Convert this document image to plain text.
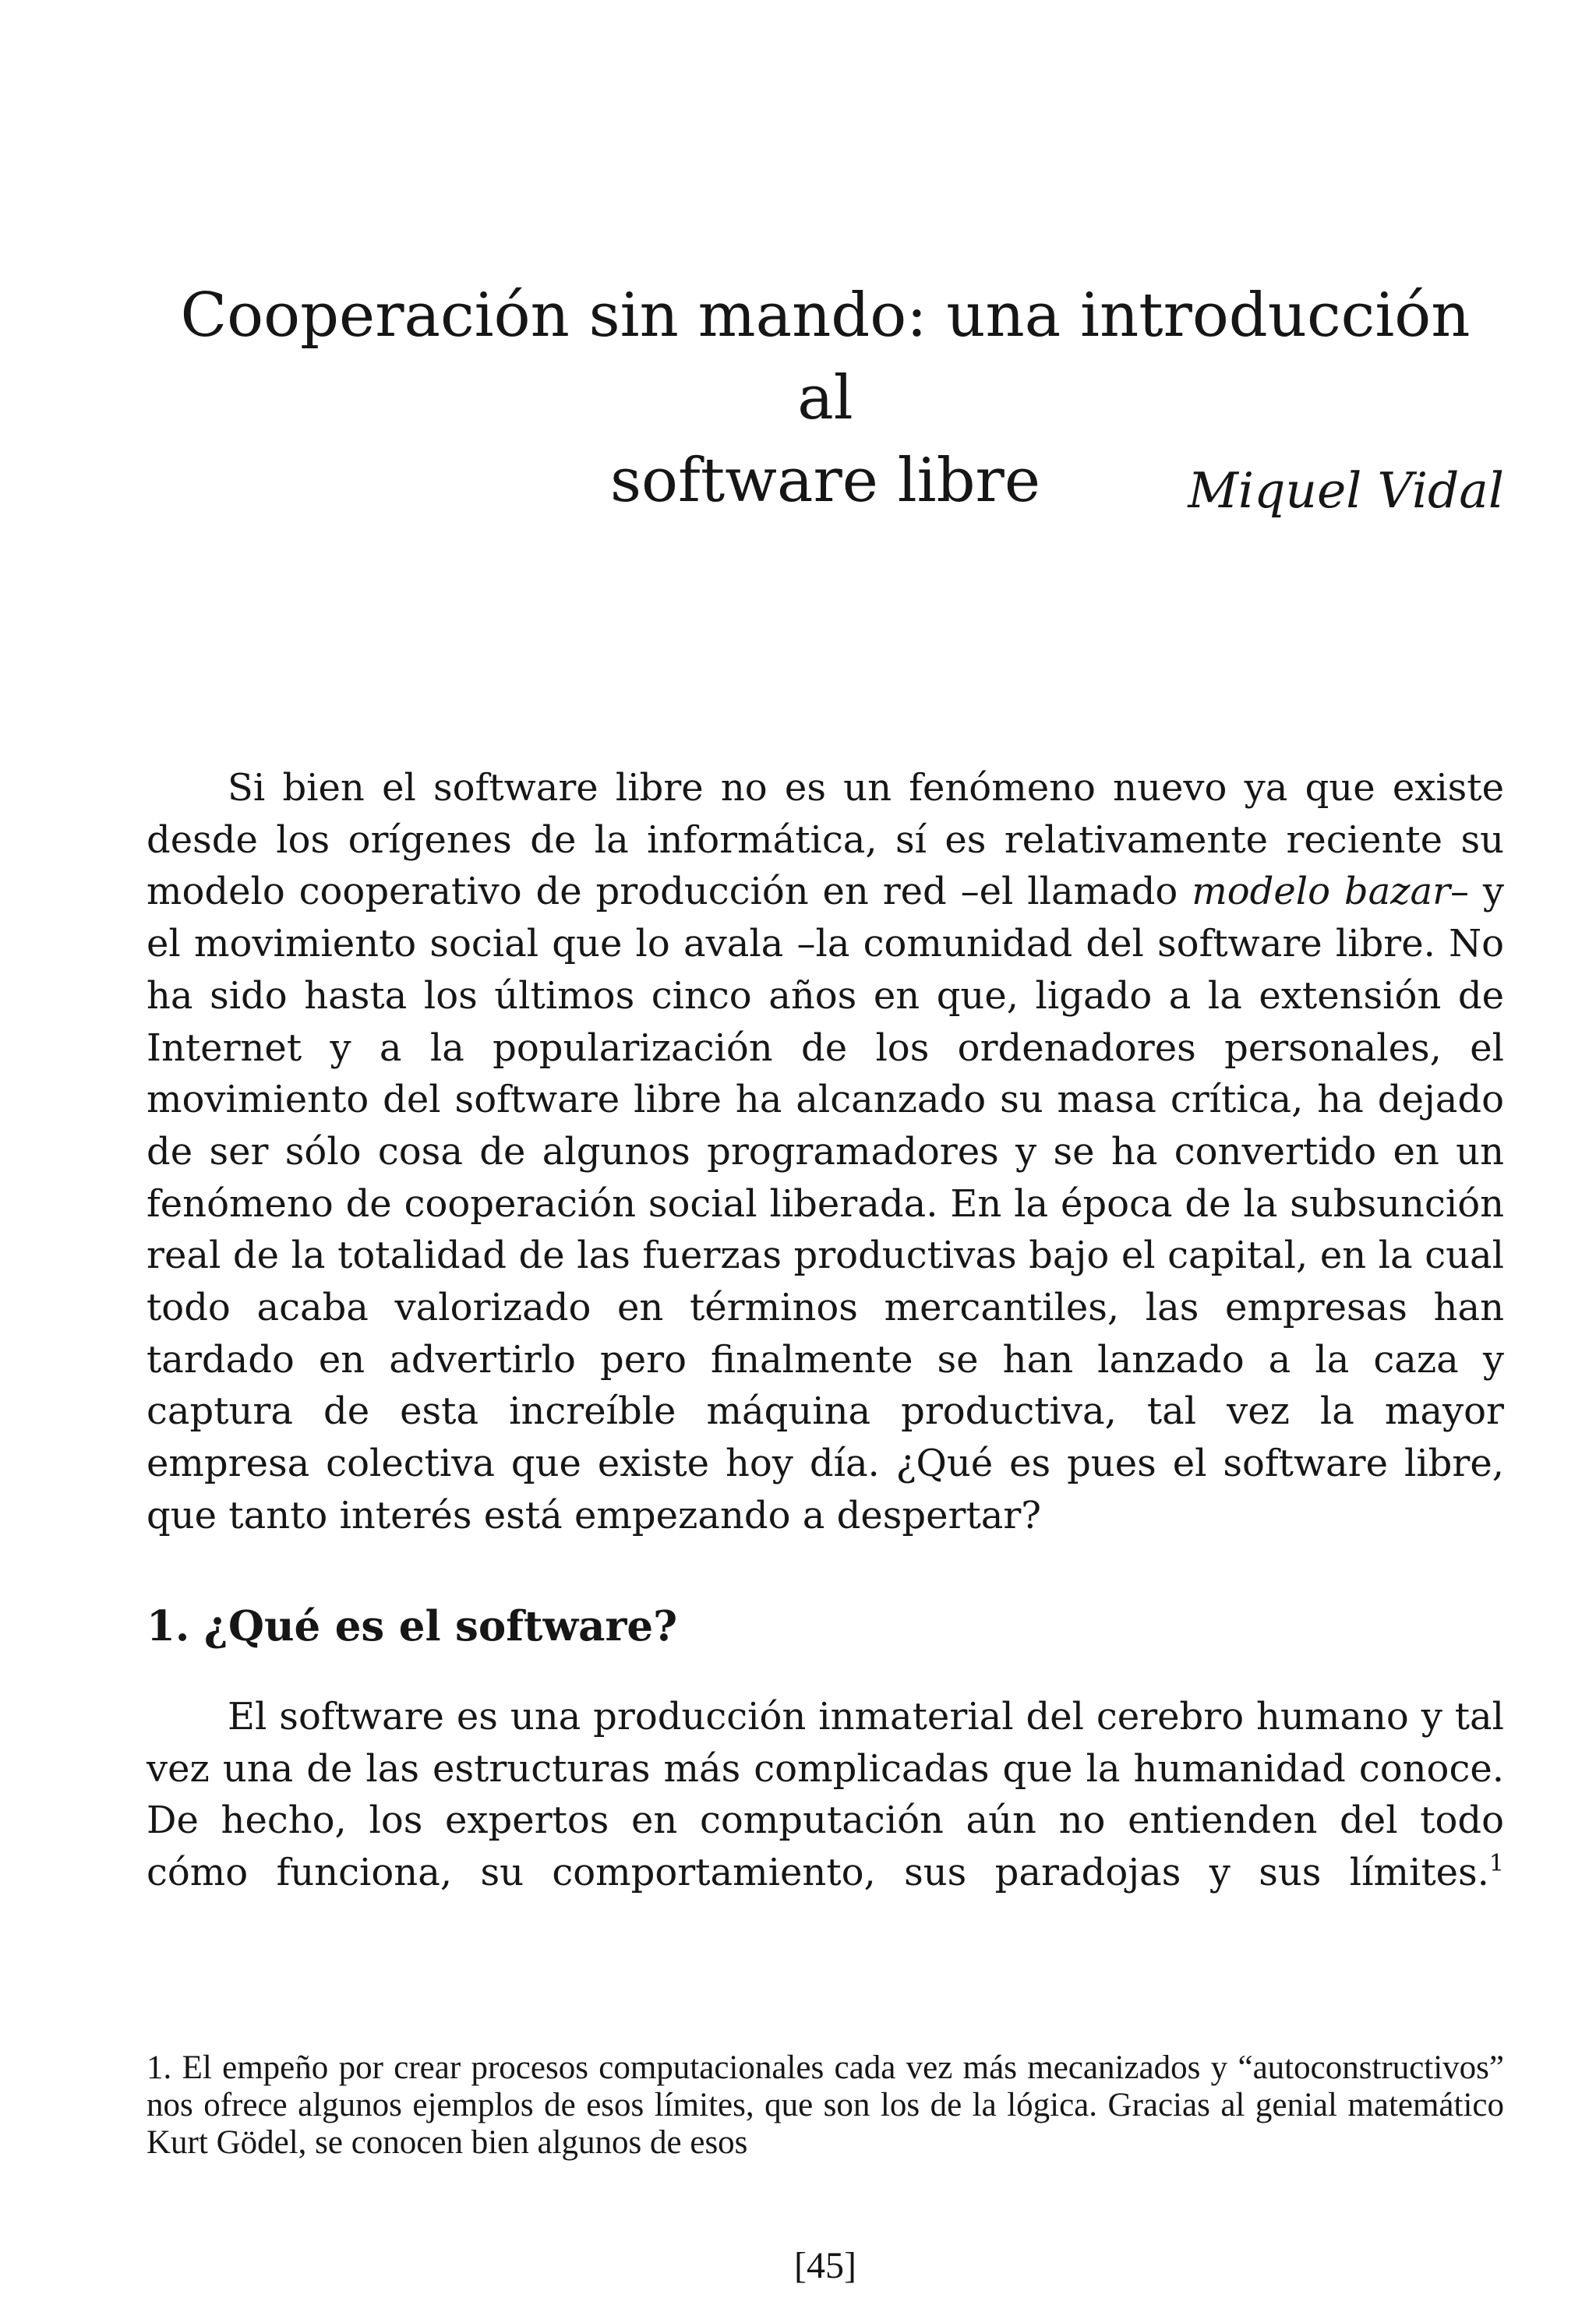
Cooperación sin mando: una introducción al
software libre	Miquel Vidal

Si bien el software libre no es un fenómeno nuevo ya que existe desde los orígenes de la informática, sí es relativamente reciente su modelo cooperativo de producción en red –el llamado modelo bazar– y el movimiento social que lo avala –la comunidad del software libre. No ha sido hasta los últimos cinco años en que, ligado a la extensión de Internet y a la popularización de los ordenadores personales, el movimiento del software libre ha alcanzado su masa crítica, ha dejado de ser sólo cosa de algunos programadores y se ha convertido en un fenómeno de cooperación social liberada. En la época de la subsunción real de la totalidad de las fuerzas productivas bajo el capital, en la cual todo acaba valorizado en términos mercantiles, las empresas han tardado en advertirlo pero finalmente se han lanzado a la caza y captura de esta increíble máquina productiva, tal vez la mayor empresa colectiva que existe hoy día. ¿Qué es pues el software libre, que tanto interés está empezando a despertar?

1. ¿Qué es el software?

El software es una producción inmaterial del cerebro humano y tal vez una de las estructuras más complicadas que la humanidad conoce. De hecho, los expertos en computación aún no entienden del todo cómo funciona, su comportamiento, sus paradojas y sus límites.$^1$

1. El empeño por crear procesos computacionales cada vez más mecanizados y “autoconstructivos” nos ofrece algunos ejemplos de esos límites, que son los de la lógica. Gracias al genial matemático Kurt Gödel, se conocen bien algunos de esos

[45]
